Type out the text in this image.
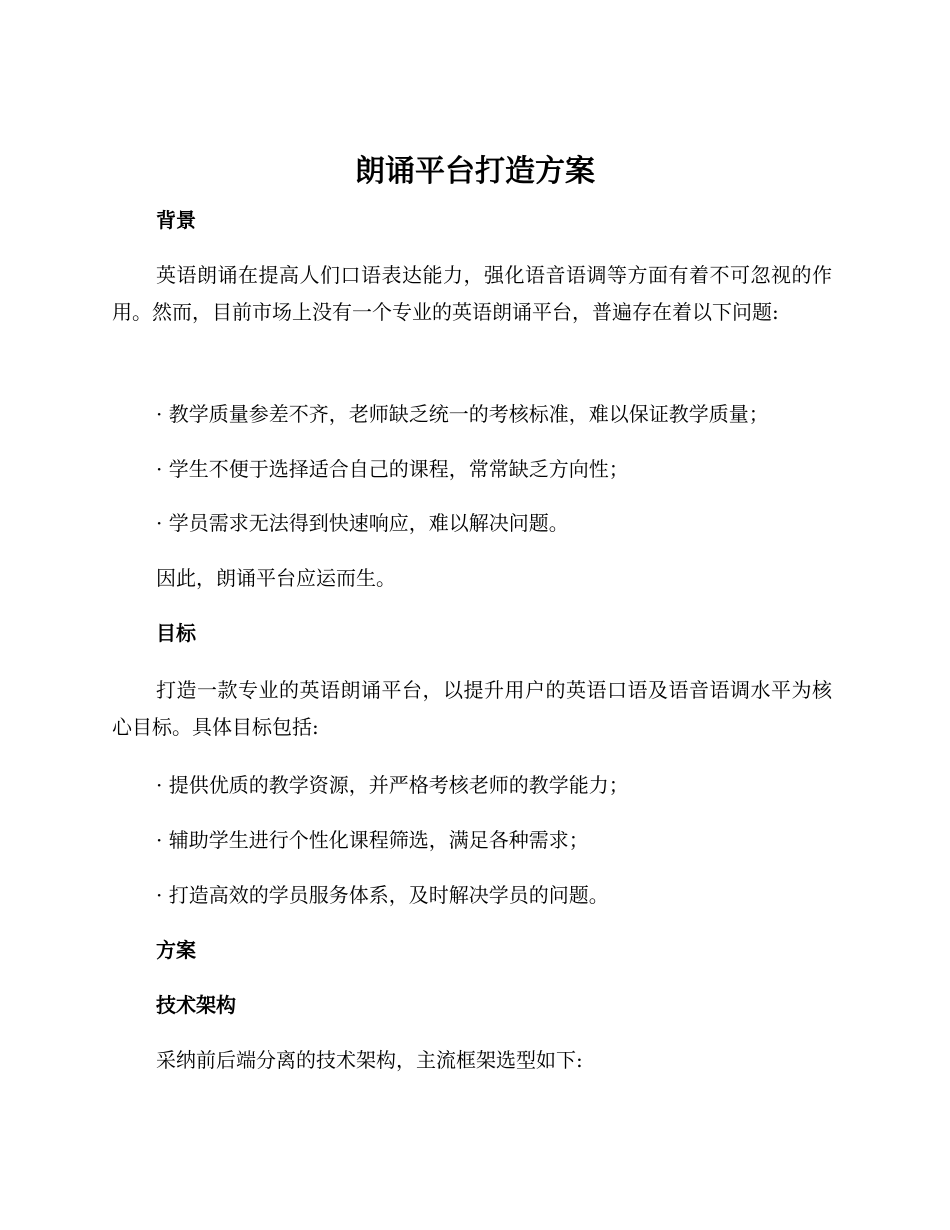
朗诵平台打造方案
背景

英语朗诵在提高人们口语表达能力，强化语音语调等方面有着不可忽视的作用。然而，目前市场上没有一个专业的英语朗诵平台，普遍存在着以下问题:

· 教学质量参差不齐，老师缺乏统一的考核标准，难以保证教学质量；

· 学生不便于选择适合自己的课程，常常缺乏方向性；

· 学员需求无法得到快速响应，难以解决问题。

因此，朗诵平台应运而生。

目标

打造一款专业的英语朗诵平台，以提升用户的英语口语及语音语调水平为核心目标。具体目标包括:

· 提供优质的教学资源，并严格考核老师的教学能力；

· 辅助学生进行个性化课程筛选，满足各种需求；

· 打造高效的学员服务体系，及时解决学员的问题。

方案
技术架构

采纳前后端分离的技术架构，主流框架选型如下:
